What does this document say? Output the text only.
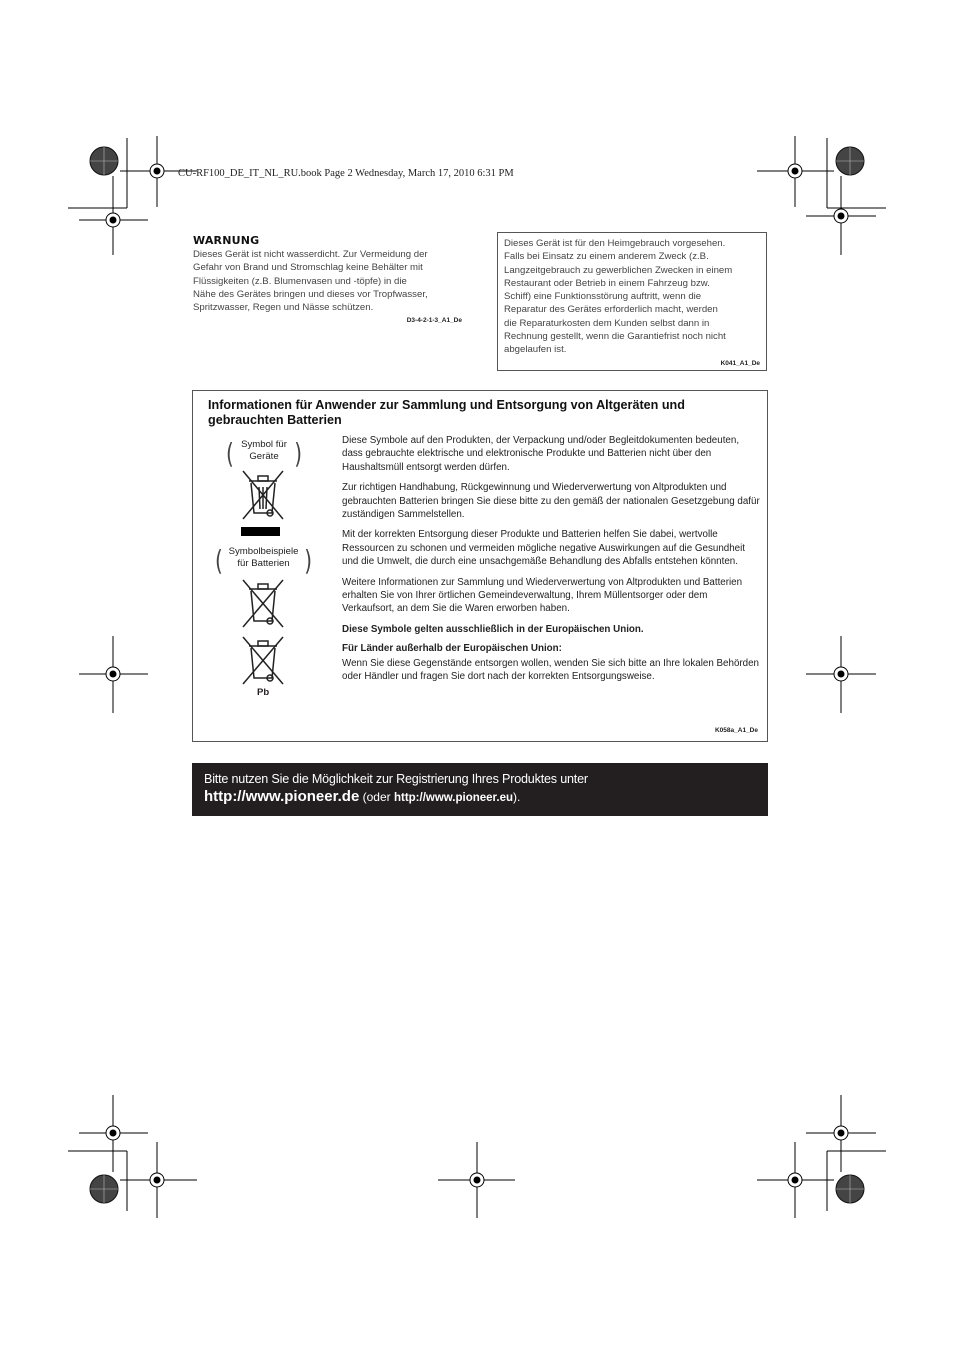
CU-RF100_DE_IT_NL_RU.book Page 2 Wednesday, March 17, 2010 6:31 PM
WARNUNG
Dieses Gerät ist nicht wasserdicht. Zur Vermeidung der
Gefahr von Brand und Stromschlag keine Behälter mit
Flüssigkeiten (z.B. Blumenvasen und -töpfe) in die
Nähe des Gerätes bringen und dieses vor Tropfwasser,
Spritzwasser, Regen und Nässe schützen.
D3-4-2-1-3_A1_De
Dieses Gerät ist für den Heimgebrauch vorgesehen.
Falls bei Einsatz zu einem anderem Zweck (z.B.
Langzeitgebrauch zu gewerblichen Zwecken in einem
Restaurant oder Betrieb in einem Fahrzeug bzw.
Schiff) eine Funktionsstörung auftritt, wenn die
Reparatur des Gerätes erforderlich macht, werden
die Reparaturkosten dem Kunden selbst dann in
Rechnung gestellt, wenn die Garantiefrist noch nicht
abgelaufen ist.
K041_A1_De
Informationen für Anwender zur Sammlung und Entsorgung von Altgeräten und
gebrauchten Batterien
( Symbol für
Geräte )
( Symbolbeispiele
für Batterien )
Pb

Diese Symbole auf den Produkten, der Verpackung und/oder Begleitdokumenten bedeuten, dass gebrauchte elektrische und elektronische Produkte und Batterien nicht über den Haushaltsmüll entsorgt werden dürfen.

Zur richtigen Handhabung, Rückgewinnung und Wiederverwertung von Altprodukten und gebrauchten Batterien bringen Sie diese bitte zu den gemäß der nationalen Gesetzgebung dafür zuständigen Sammelstellen.

Mit der korrekten Entsorgung dieser Produkte und Batterien helfen Sie dabei, wertvolle Ressourcen zu schonen und vermeiden mögliche negative Auswirkungen auf die Gesundheit und die Umwelt, die durch eine unsachgemäße Behandlung des Abfalls entstehen könnten.

Weitere Informationen zur Sammlung und Wiederverwertung von Altprodukten und Batterien erhalten Sie von Ihrer örtlichen Gemeindeverwaltung, Ihrem Müllentsorger oder dem Verkaufsort, an dem Sie die Waren erworben haben.

Diese Symbole gelten ausschließlich in der Europäischen Union.

Für Länder außerhalb der Europäischen Union:

Wenn Sie diese Gegenstände entsorgen wollen, wenden Sie sich bitte an Ihre lokalen Behörden oder Händler und fragen Sie dort nach der korrekten Entsorgungsweise.

K058a_A1_De
Bitte nutzen Sie die Möglichkeit zur Registrierung Ihres Produktes unter
http://www.pioneer.de (oder http://www.pioneer.eu).
